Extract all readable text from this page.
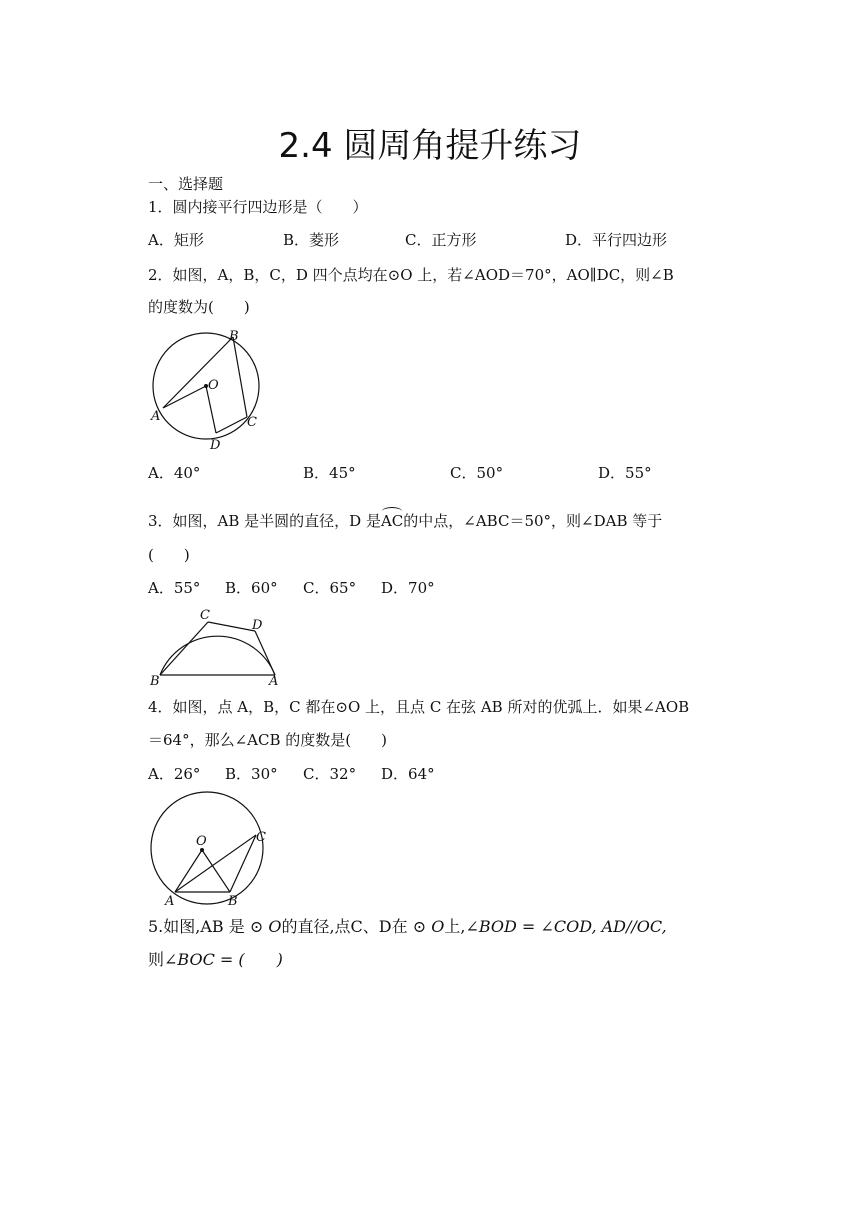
2.4 圆周角提升练习
一、选择题
1．圆内接平行四边形是（　　）
A．矩形	B．菱形	C．正方形	D．平行四边形
2．如图，A，B，C，D 四个点均在⊙O 上，若∠AOD＝70°，AO∥DC，则∠B
的度数为(　　)
O
B
A	C
D
A．40°	B．45°	C．50°	D．55°
3．如图，AB 是半圆的直径，D 是AC的中点，∠ABC＝50°，则∠DAB 等于
(　　)
A．55° B．60° C．65° D．70°
C
D
B	A
4．如图，点 A，B，C 都在⊙O 上，且点 C 在弦 AB 所对的优弧上．如果∠AOB
＝64°，那么∠ACB 的度数是(　　)
A．26° B．30° C．32° D．64°
O	C
A	B
5.如图,AB 是 ⊙ O的直径,点C、D在 ⊙ O上,∠BOD = ∠COD, AD//OC,
则∠BOC = (　　)
